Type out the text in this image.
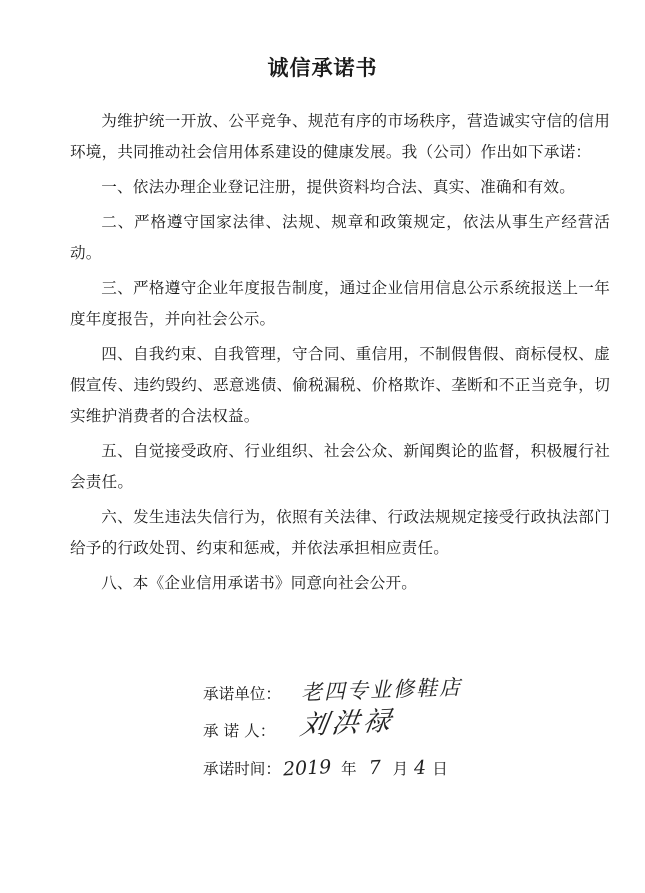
诚信承诺书

为维护统一开放、公平竞争、规范有序的市场秩序，营造诚实守信的信用环境，共同推动社会信用体系建设的健康发展。我（公司）作出如下承诺：

一、依法办理企业登记注册，提供资料均合法、真实、准确和有效。

二、严格遵守国家法律、法规、规章和政策规定，依法从事生产经营活动。

三、严格遵守企业年度报告制度，通过企业信用信息公示系统报送上一年度年度报告，并向社会公示。

四、自我约束、自我管理，守合同、重信用，不制假售假、商标侵权、虚假宣传、违约毁约、恶意逃债、偷税漏税、价格欺诈、垄断和不正当竞争，切实维护消费者的合法权益。

五、自觉接受政府、行业组织、社会公众、新闻舆论的监督，积极履行社会责任。

六、发生违法失信行为，依照有关法律、行政法规规定接受行政执法部门给予的行政处罚、约束和惩戒，并依法承担相应责任。

八、本《企业信用承诺书》同意向社会公开。

承诺单位： 老四专业修鞋店
承 诺 人： 刘洪禄
承诺时间：2019 年 7 月 4 日
